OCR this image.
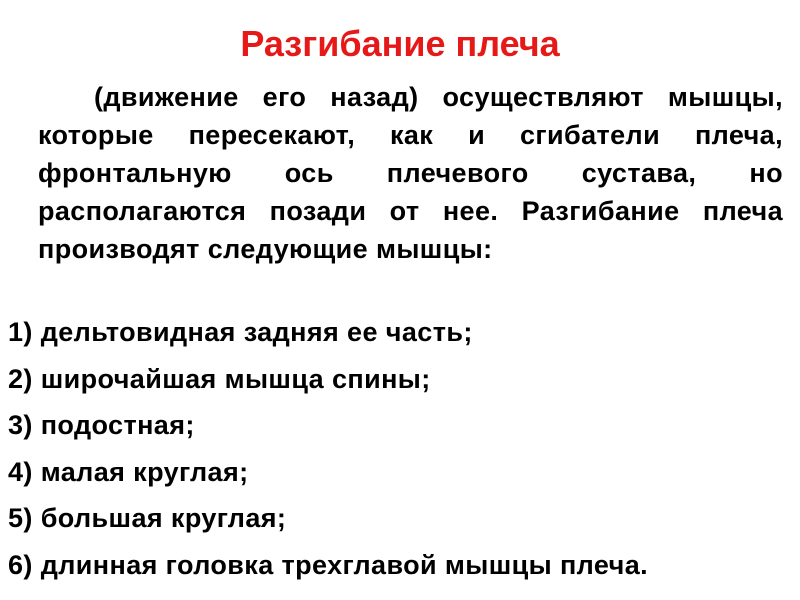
Разгибание плеча

(движение его назад) осуществляют мышцы, которые пересекают, как и сгибатели плеча, фронтальную ось плечевого сустава, но располагаются позади от нее. Разгибание плеча производят следующие мышцы:

1) дельтовидная задняя ее часть;
2) широчайшая мышца спины;
3) подостная;
4) малая круглая;
5) большая круглая;
6) длинная головка трехглавой мышцы плеча.
